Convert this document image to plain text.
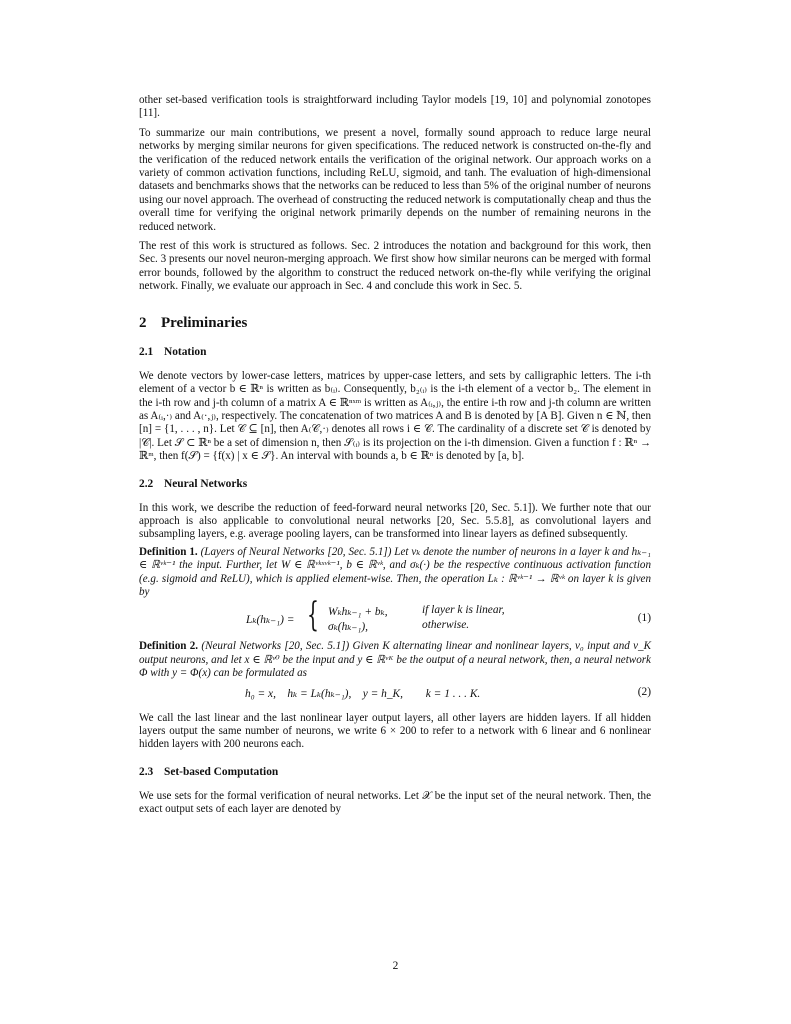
other set-based verification tools is straightforward including Taylor models [19, 10] and polynomial zonotopes [11].

To summarize our main contributions, we present a novel, formally sound approach to reduce large neural networks by merging similar neurons for given specifications. The reduced network is constructed on-the-fly and the verification of the reduced network entails the verification of the original network. Our approach works on a variety of common activation functions, including ReLU, sigmoid, and tanh. The evaluation of high-dimensional datasets and benchmarks shows that the networks can be reduced to less than 5% of the original number of neurons using our novel approach. The overhead of constructing the reduced network is computationally cheap and thus the overall time for verifying the original network primarily depends on the number of remaining neurons in the reduced network.

The rest of this work is structured as follows. Sec. 2 introduces the notation and background for this work, then Sec. 3 presents our novel neuron-merging approach. We first show how similar neurons can be merged with formal error bounds, followed by the algorithm to construct the reduced network on-the-fly while verifying the original network. Finally, we evaluate our approach in Sec. 4 and conclude this work in Sec. 5.

2 Preliminaries
2.1 Notation

We denote vectors by lower-case letters, matrices by upper-case letters, and sets by calligraphic letters. The i-th element of a vector b ∈ ℝⁿ is written as b₍ᵢ₎. Consequently, b₂₍ᵢ₎ is the i-th element of a vector b₂. The element in the i-th row and j-th column of a matrix A ∈ ℝⁿˣᵐ is written as A₍ᵢ,ⱼ₎, the entire i-th row and j-th column are written as A₍ᵢ,·₎ and A₍·,ⱼ₎, respectively. The concatenation of two matrices A and B is denoted by [A B]. Given n ∈ ℕ, then [n] = {1, . . . , n}. Let 𝒞 ⊆ [n], then A₍𝒞,·₎ denotes all rows i ∈ 𝒞. The cardinality of a discrete set 𝒞 is denoted by |𝒞|. Let 𝒮 ⊂ ℝⁿ be a set of dimension n, then 𝒮₍ᵢ₎ is its projection on the i-th dimension. Given a function f : ℝⁿ → ℝᵐ, then f(𝒮) = {f(x) | x ∈ 𝒮}. An interval with bounds a, b ∈ ℝⁿ is denoted by [a, b].

2.2 Neural Networks

In this work, we describe the reduction of feed-forward neural networks [20, Sec. 5.1]). We further note that our approach is also applicable to convolutional neural networks [20, Sec. 5.5.8], as convolutional layers and subsampling layers, e.g. average pooling layers, can be transformed into linear layers as defined subsequently.

Definition 1. (Layers of Neural Networks [20, Sec. 5.1]) Let vₖ denote the number of neurons in a layer k and hₖ₋₁ ∈ ℝᵛᵏ⁻¹ the input. Further, let W ∈ ℝᵛᵏˣᵛᵏ⁻¹, b ∈ ℝᵛᵏ, and σₖ(·) be the respective continuous activation function (e.g. sigmoid and ReLU), which is applied element-wise. Then, the operation Lₖ : ℝᵛᵏ⁻¹ → ℝᵛᵏ on layer k is given by

Lₖ(hₖ₋₁) = { Wₖhₖ₋₁ + bₖ,
σₖ(hₖ₋₁),
if layer k is linear,
otherwise.
(1)

Definition 2. (Neural Networks [20, Sec. 5.1]) Given K alternating linear and nonlinear layers, v₀ input and v_K output neurons, and let x ∈ ℝᵛ⁰ be the input and y ∈ ℝᵛᴷ be the output of a neural network, then, a neural network Φ with y = Φ(x) can be formulated as

h₀ = x,    hₖ = Lₖ(hₖ₋₁),    y = h_K,        k = 1 . . . K.	(2)

We call the last linear and the last nonlinear layer output layers, all other layers are hidden layers. If all hidden layers output the same number of neurons, we write 6 × 200 to refer to a network with 6 linear and 6 nonlinear hidden layers with 200 neurons each.

2.3 Set-based Computation

We use sets for the formal verification of neural networks. Let 𝒳 be the input set of the neural network. Then, the exact output sets of each layer are denoted by

2
